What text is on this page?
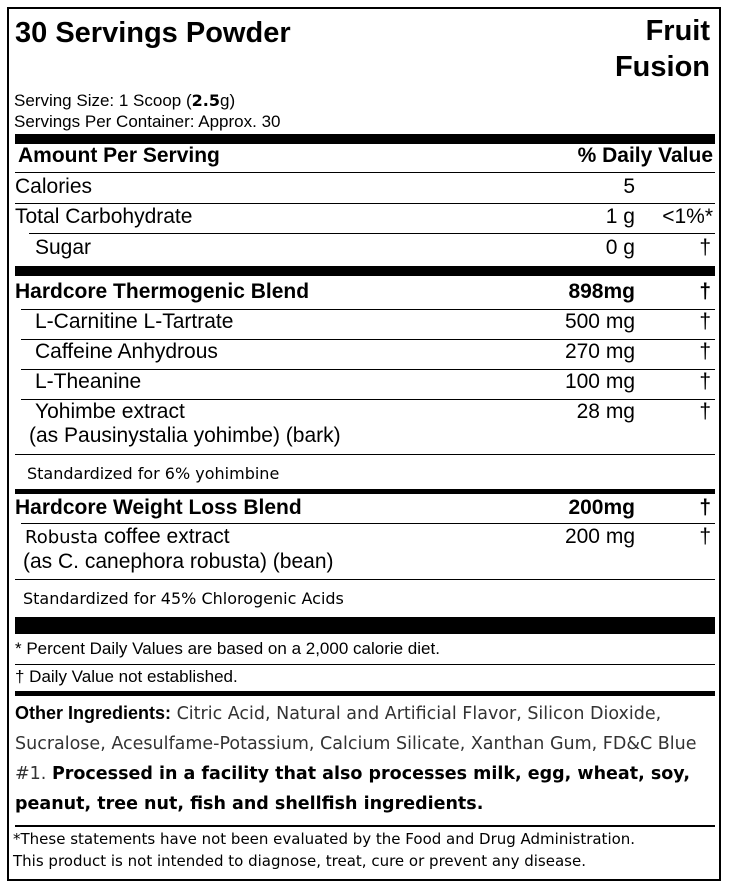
30 Servings Powder	Fruit
Fusion
Serving Size: 1 Scoop (2.5g)
Servings Per Container: Approx. 30
Amount Per Serving	% Daily Value
Calories	5
Total Carbohydrate	1 g <1%*
Sugar	0 g	†
Hardcore Thermogenic Blend	898mg	†
L-Carnitine L-Tartrate	500 mg	†
Caffeine Anhydrous	270 mg	†
L-Theanine	100 mg	†
Yohimbe extract
(as Pausinystalia yohimbe) (bark)
28 mg	†
Standardized for 6% yohimbine
Hardcore Weight Loss Blend	200mg	†
Robusta coffee extract
(as C. canephora robusta) (bean)
200 mg	†
Standardized for 45% Chlorogenic Acids
* Percent Daily Values are based on a 2,000 calorie diet.
† Daily Value not established.
Other Ingredients: Citric Acid, Natural and Artificial Flavor, Silicon Dioxide, Sucralose, Acesulfame-Potassium, Calcium Silicate, Xanthan Gum, FD&C Blue #1. Processed in a facility that also processes milk, egg, wheat, soy, peanut, tree nut, fish and shellfish ingredients.
*These statements have not been evaluated by the Food and Drug Administration.
This product is not intended to diagnose, treat, cure or prevent any disease.
